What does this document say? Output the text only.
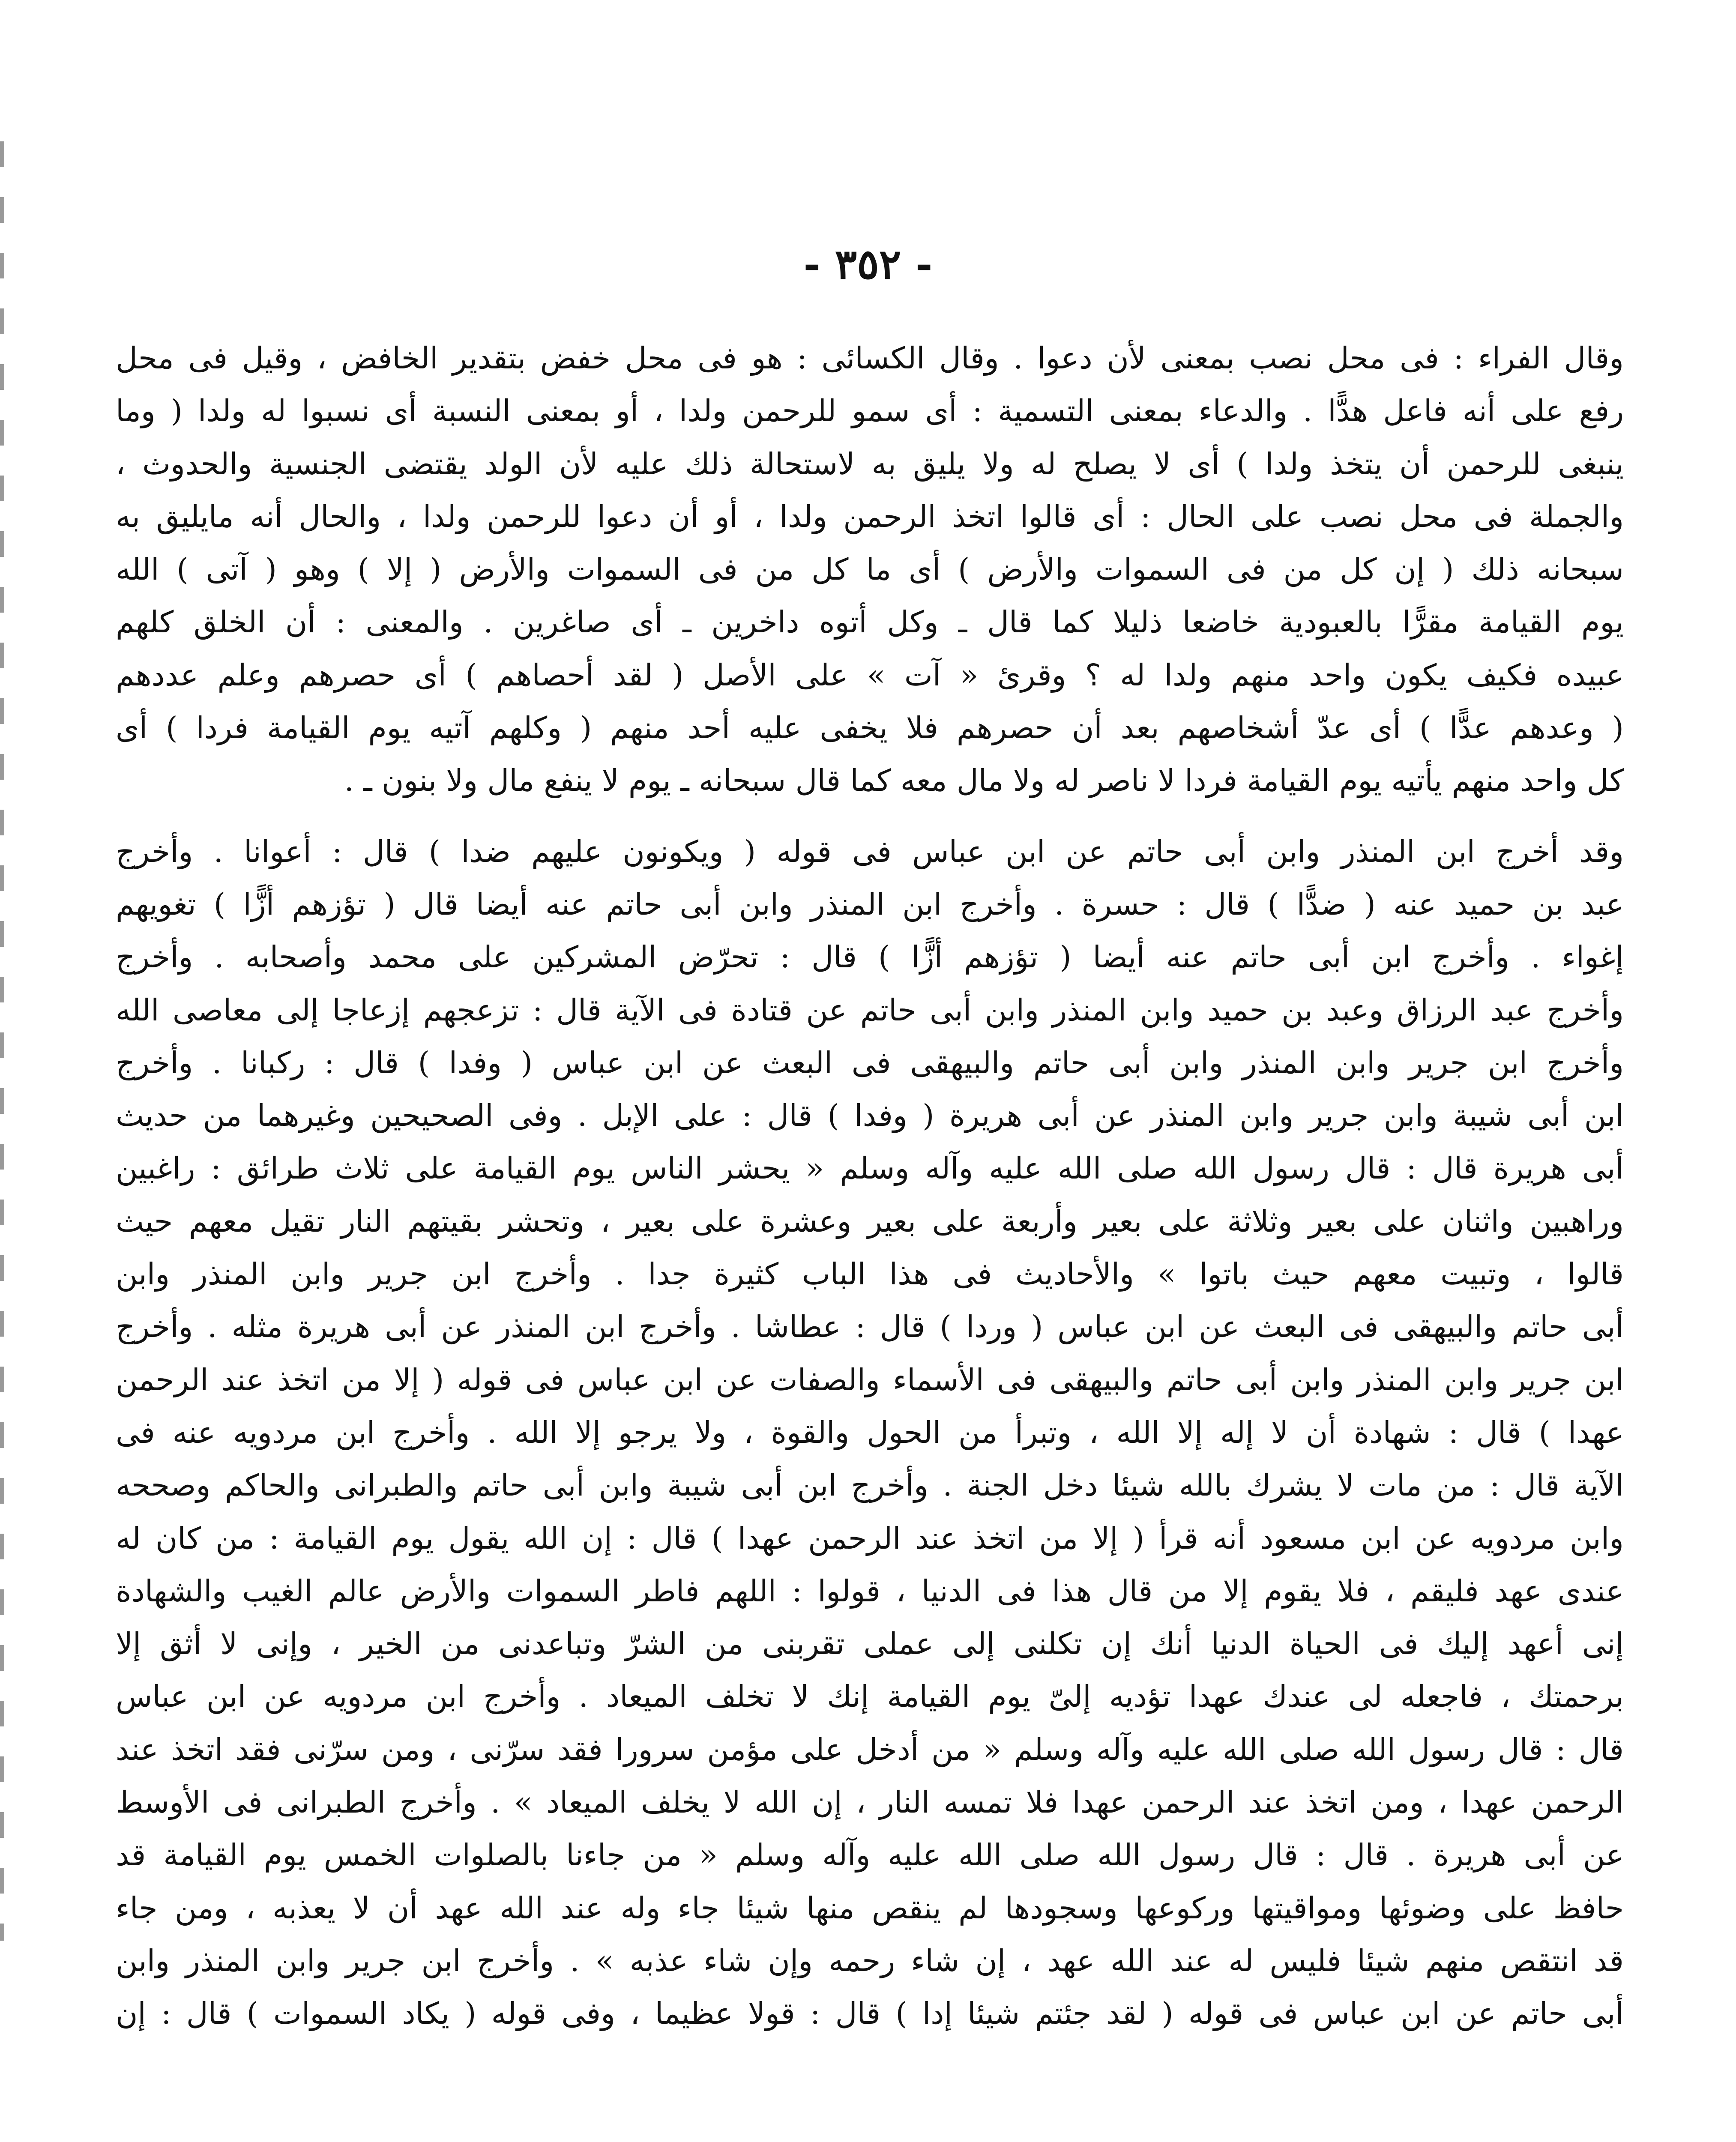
- ٣٥٢ -
وقال الفراء : فى محل نصب بمعنى لأن دعوا . وقال الكسائى : هو فى محل خفض بتقدير الخافض ، وقيل فى محل
رفع على أنه فاعل هدًّا . والدعاء بمعنى التسمية : أى سمو للرحمن ولدا ، أو بمعنى النسبة أى نسبوا له ولدا ( وما
ينبغى للرحمن أن يتخذ ولدا ) أى لا يصلح له ولا يليق به لاستحالة ذلك عليه لأن الولد يقتضى الجنسية والحدوث ،
والجملة فى محل نصب على الحال : أى قالوا اتخذ الرحمن ولدا ، أو أن دعوا للرحمن ولدا ، والحال أنه مايليق به
سبحانه ذلك ( إن كل من فى السموات والأرض ) أى ما كل من فى السموات والأرض ( إلا ) وهو ( آتى ) الله
يوم القيامة مقرًّا بالعبودية خاضعا ذليلا كما قال ـ وكل أتوه داخرين ـ أى صاغرين . والمعنى : أن الخلق كلهم
عبيده فكيف يكون واحد منهم ولدا له ؟ وقرئ « آت » على الأصل ( لقد أحصاهم ) أى حصرهم وعلم عددهم
( وعدهم عدًّا ) أى عدّ أشخاصهم بعد أن حصرهم فلا يخفى عليه أحد منهم ( وكلهم آتيه يوم القيامة فردا ) أى
كل واحد منهم يأتيه يوم القيامة فردا لا ناصر له ولا مال معه كما قال سبحانه ـ يوم لا ينفع مال ولا بنون ـ .
وقد أخرج ابن المنذر وابن أبى حاتم عن ابن عباس فى قوله ( ويكونون عليهم ضدا ) قال : أعوانا . وأخرج
عبد بن حميد عنه ( ضدًّا ) قال : حسرة . وأخرج ابن المنذر وابن أبى حاتم عنه أيضا قال ( تؤزهم أزًّا ) تغويهم
إغواء . وأخرج ابن أبى حاتم عنه أيضا ( تؤزهم أزًّا ) قال : تحرّض المشركين على محمد وأصحابه . وأخرج
وأخرج عبد الرزاق وعبد بن حميد وابن المنذر وابن أبى حاتم عن قتادة فى الآية قال : تزعجهم إزعاجا إلى معاصى الله
وأخرج ابن جرير وابن المنذر وابن أبى حاتم والبيهقى فى البعث عن ابن عباس ( وفدا ) قال : ركبانا . وأخرج
ابن أبى شيبة وابن جرير وابن المنذر عن أبى هريرة ( وفدا ) قال : على الإبل . وفى الصحيحين وغيرهما من حديث
أبى هريرة قال : قال رسول الله صلى الله عليه وآله وسلم « يحشر الناس يوم القيامة على ثلاث طرائق : راغبين
وراهبين واثنان على بعير وثلاثة على بعير وأربعة على بعير وعشرة على بعير ، وتحشر بقيتهم النار تقيل معهم حيث
قالوا ، وتبيت معهم حيث باتوا » والأحاديث فى هذا الباب كثيرة جدا . وأخرج ابن جرير وابن المنذر وابن
أبى حاتم والبيهقى فى البعث عن ابن عباس ( وردا ) قال : عطاشا . وأخرج ابن المنذر عن أبى هريرة مثله . وأخرج
ابن جرير وابن المنذر وابن أبى حاتم والبيهقى فى الأسماء والصفات عن ابن عباس فى قوله ( إلا من اتخذ عند الرحمن
عهدا ) قال : شهادة أن لا إله إلا الله ، وتبرأ من الحول والقوة ، ولا يرجو إلا الله . وأخرج ابن مردويه عنه فى
الآية قال : من مات لا يشرك بالله شيئا دخل الجنة . وأخرج ابن أبى شيبة وابن أبى حاتم والطبرانى والحاكم وصححه
وابن مردويه عن ابن مسعود أنه قرأ ( إلا من اتخذ عند الرحمن عهدا ) قال : إن الله يقول يوم القيامة : من كان له
عندى عهد فليقم ، فلا يقوم إلا من قال هذا فى الدنيا ، قولوا : اللهم فاطر السموات والأرض عالم الغيب والشهادة
إنى أعهد إليك فى الحياة الدنيا أنك إن تكلنى إلى عملى تقربنى من الشرّ وتباعدنى من الخير ، وإنى لا أثق إلا
برحمتك ، فاجعله لى عندك عهدا تؤديه إلىّ يوم القيامة إنك لا تخلف الميعاد . وأخرج ابن مردويه عن ابن عباس
قال : قال رسول الله صلى الله عليه وآله وسلم « من أدخل على مؤمن سرورا فقد سرّنى ، ومن سرّنى فقد اتخذ عند
الرحمن عهدا ، ومن اتخذ عند الرحمن عهدا فلا تمسه النار ، إن الله لا يخلف الميعاد » . وأخرج الطبرانى فى الأوسط
عن أبى هريرة . قال : قال رسول الله صلى الله عليه وآله وسلم « من جاءنا بالصلوات الخمس يوم القيامة قد
حافظ على وضوئها ومواقيتها وركوعها وسجودها لم ينقص منها شيئا جاء وله عند الله عهد أن لا يعذبه ، ومن جاء
قد انتقص منهم شيئا فليس له عند الله عهد ، إن شاء رحمه وإن شاء عذبه » . وأخرج ابن جرير وابن المنذر وابن
أبى حاتم عن ابن عباس فى قوله ( لقد جئتم شيئا إدا ) قال : قولا عظيما ، وفى قوله ( يكاد السموات ) قال : إن
